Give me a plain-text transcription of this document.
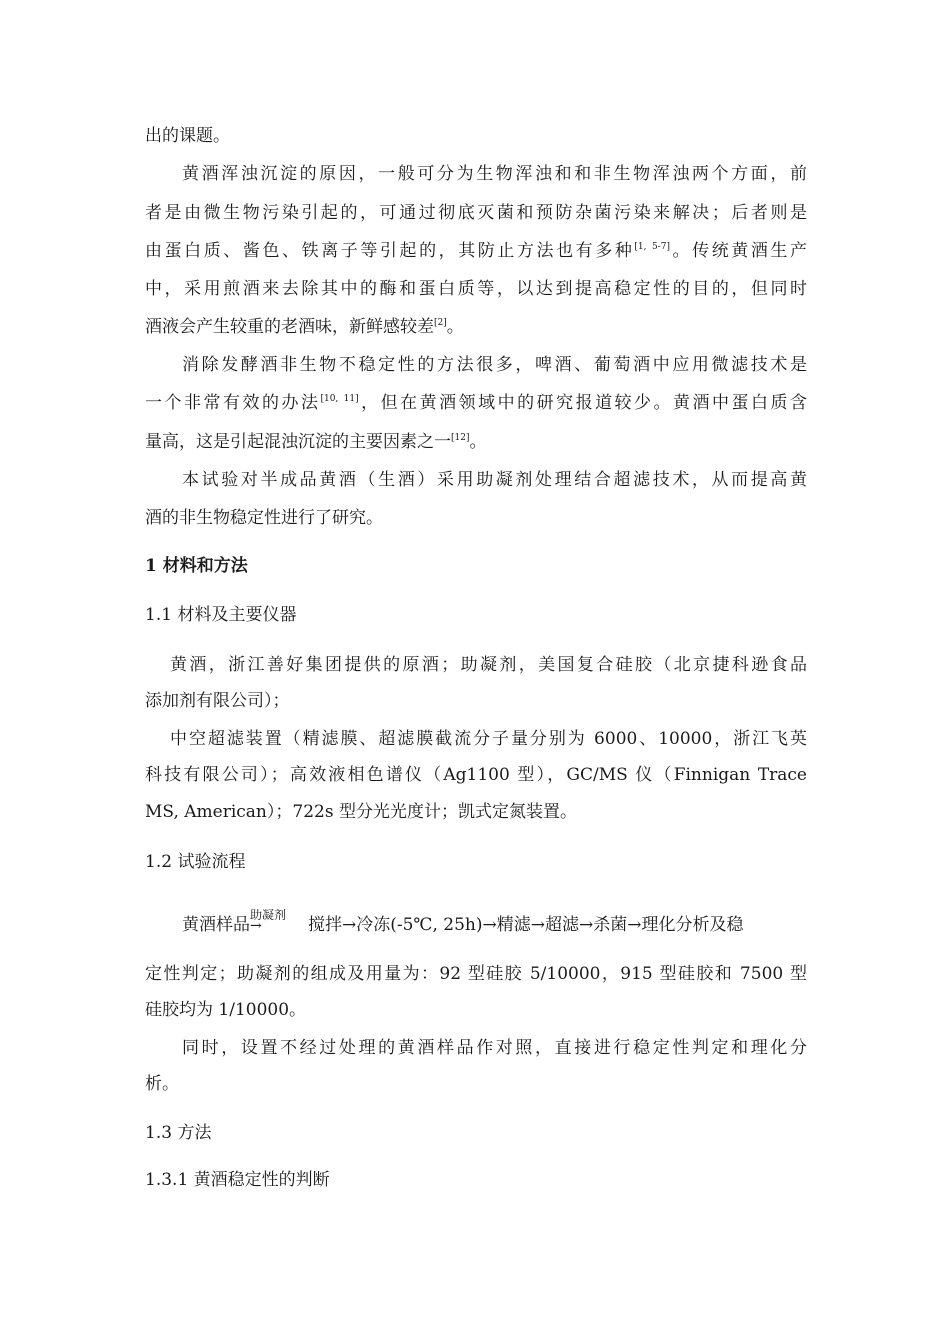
出的课题。
黄酒浑浊沉淀的原因，一般可分为生物浑浊和和非生物浑浊两个方面，前
者是由微生物污染引起的，可通过彻底灭菌和预防杂菌污染来解决；后者则是
由蛋白质、酱色、铁离子等引起的，其防止方法也有多种[1, 5-7]。传统黄酒生产
中，采用煎酒来去除其中的酶和蛋白质等，以达到提高稳定性的目的，但同时
酒液会产生较重的老酒味，新鲜感较差[2]。
消除发酵酒非生物不稳定性的方法很多，啤酒、葡萄酒中应用微滤技术是
一个非常有效的办法[10, 11]，但在黄酒领域中的研究报道较少。黄酒中蛋白质含
量高，这是引起混浊沉淀的主要因素之一[12]。
本试验对半成品黄酒（生酒）采用助凝剂处理结合超滤技术，从而提高黄
酒的非生物稳定性进行了研究。
1 材料和方法
1.1 材料及主要仪器
黄酒，浙江善好集团提供的原酒；助凝剂，美国复合硅胶（北京捷科逊食品
添加剂有限公司）；
中空超滤装置（精滤膜、超滤膜截流分子量分别为 6000、10000，浙江飞英
科技有限公司）；高效液相色谱仪（Ag1100 型），GC/MS 仪（Finnigan Trace
MS, American）；722s 型分光光度计；凯式定氮装置。
1.2 试验流程
黄酒样品 助凝剂
→	搅拌→冷冻(-5℃, 25h)→精滤→超滤→杀菌→理化分析及稳
定性判定；助凝剂的组成及用量为：92 型硅胶 5/10000，915 型硅胶和 7500 型
硅胶均为 1/10000。
同时，设置不经过处理的黄酒样品作对照，直接进行稳定性判定和理化分
析。
1.3 方法
1.3.1 黄酒稳定性的判断
